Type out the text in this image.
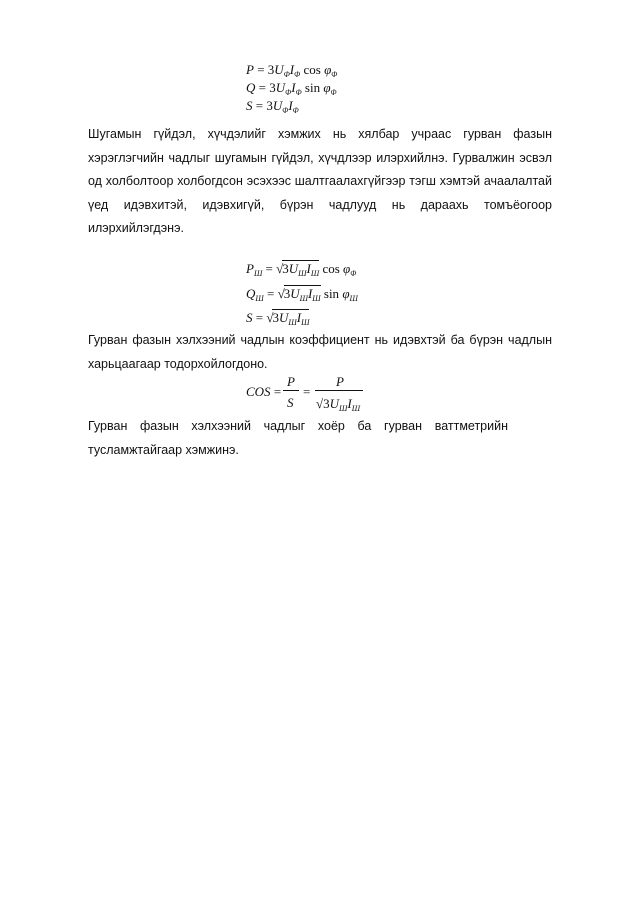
$P = 3U_\Phi I_\Phi$ $\cos \varphi_\Phi$
$Q = 3U_\Phi I_\Phi$ $\sin \varphi_\Phi$
$S = 3U_\Phi I_\Phi$
Шугамын гүйдэл, хүчдэлийг хэмжих нь хялбар учраас гурван фазын хэрэглэгчийн чадлыг шугамын гүйдэл, хүчдлээр илэрхийлнэ. Гурвалжин эсвэл од холболтоор холбогдсон эсэхээс шалтгаалахгүйгээр тэгш хэмтэй ачаалалтай үед идэвхитэй, идэвхигүй, бүрэн чадлууд нь дараахь томъёогоор илэрхийлэгдэнэ.
$P_Ш = √3U_ШI_Ш$ $\cos \varphi_\Phi$
$Q_Ш = √3U_ШI_Ш$ $\sin \varphi_Ш$
$S = √3U_ШI_Ш$
Гурван фазын хэлхээний чадлын коэффициент нь идэвхтэй ба бүрэн чадлын харьцаагаар тодорхойлогдоно.
COS =
P
S
=
P
$√3U_ШI_Ш$
Гурван фазын хэлхээний чадлыг хоёр ба гурван ваттметрийн тусламжтайгаар хэмжинэ.
